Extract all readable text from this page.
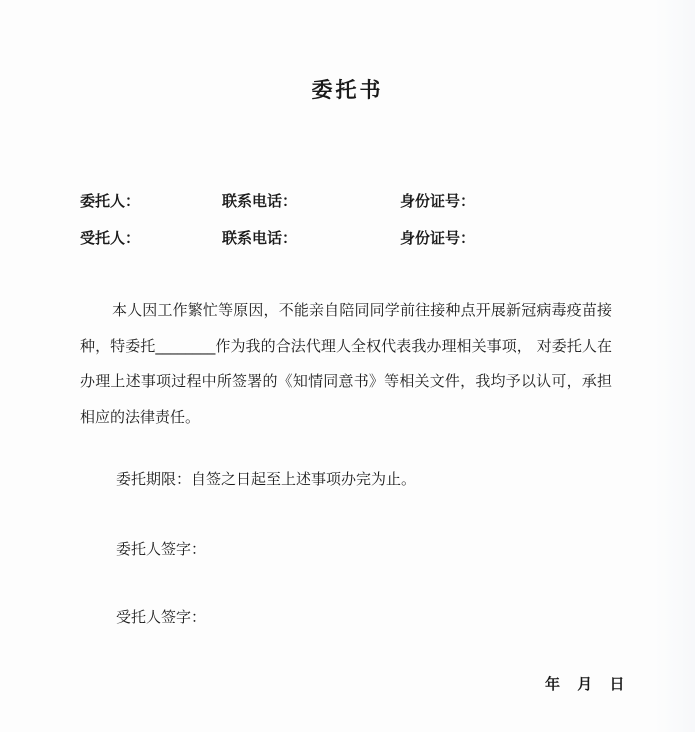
委托书
委托人：	联系电话：	身份证号：
受托人：	联系电话：	身份证号：
本人因工作繁忙等原因，不能亲自陪同同学前往接种点开展新冠病毒疫苗接种，特委托________作为我的合法代理人全权代表我办理相关事项， 对委托人在办理上述事项过程中所签署的《知情同意书》等相关文件，我均予以认可，承担相应的法律责任。
委托期限：自签之日起至上述事项办完为止。
委托人签字：
受托人签字：
年 月 日
